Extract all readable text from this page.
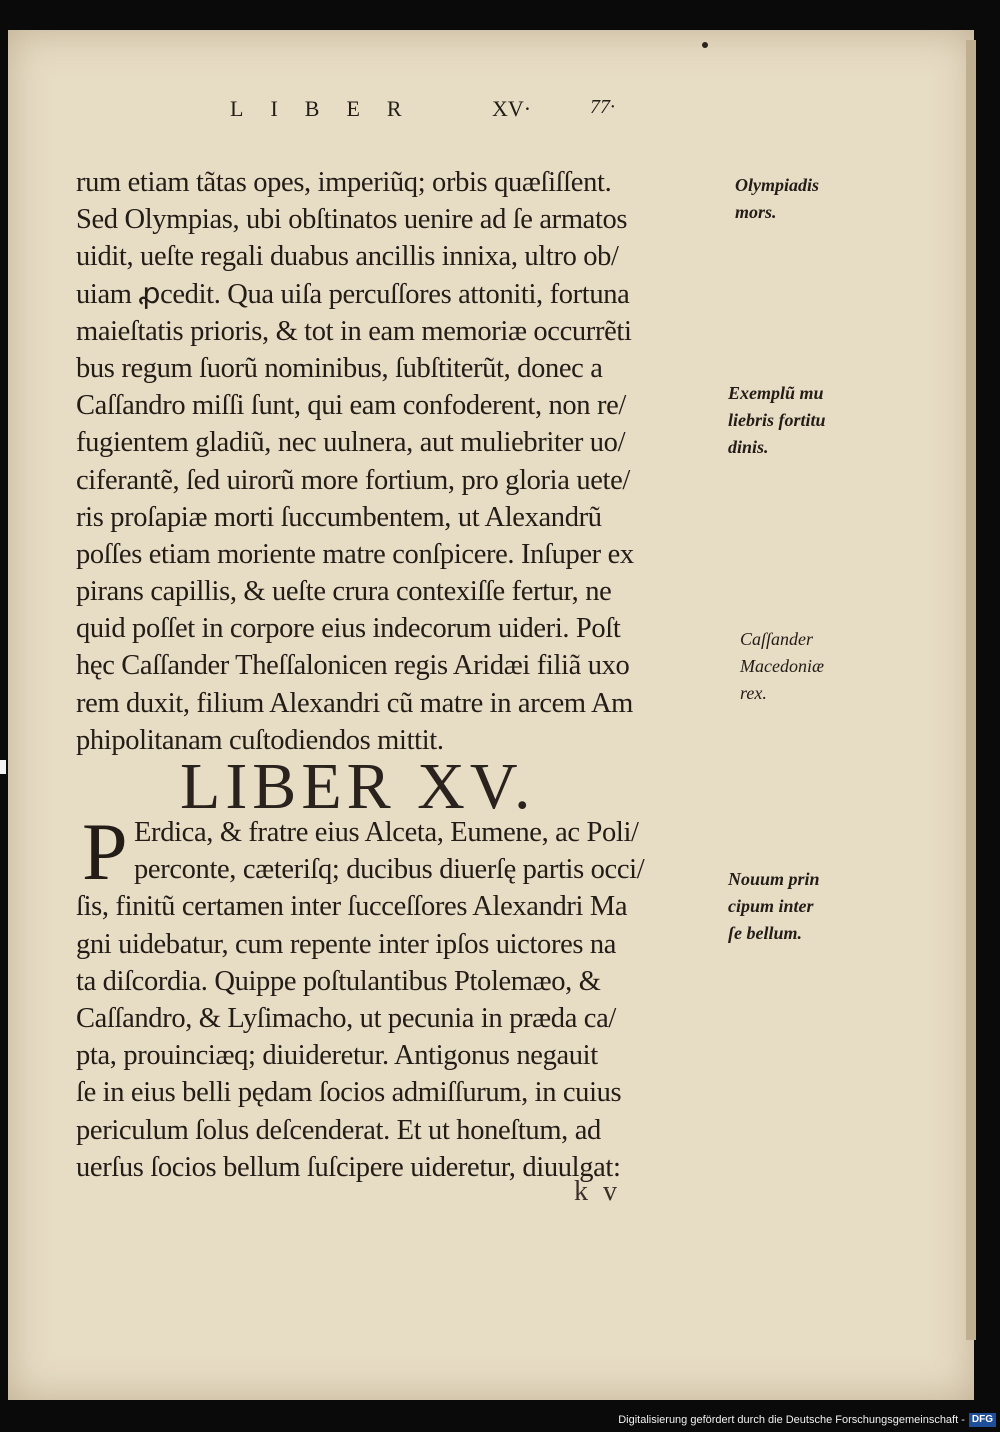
LIBER	XV·	77·
rum etiam tãtas opes, imperiũq; orbis quæſiſſent.
Sed Olympias, ubi obſtinatos uenire ad ſe armatos
uidit, ueſte regali duabus ancillis innixa, ultro ob/
uiam ꝓcedit. Qua uiſa percuſſores attoniti, fortuna
maieſtatis prioris, & tot in eam memoriæ occurrẽti
bus regum ſuorũ nominibus, ſubſtiterũt, donec a
Caſſandro miſſi ſunt, qui eam confoderent, non re/
fugientem gladiũ, nec uulnera, aut muliebriter uo/
ciferantẽ, ſed uirorũ more fortium, pro gloria uete/
ris proſapiæ morti ſuccumbentem, ut Alexandrũ
poſſes etiam moriente matre conſpicere. Inſuper ex
pirans capillis, & ueſte crura contexiſſe fertur, ne
quid poſſet in corpore eius indecorum uideri. Poſt
hęc Caſſander Theſſalonicen regis Aridæi filiã uxo
rem duxit, filium Alexandri cũ matre in arcem Am
phipolitanam cuſtodiendos mittit.
LIBER XV.
P Erdica, & fratre eius Alceta, Eumene, ac Poli/
perconte, cæteriſq; ducibus diuerſę partis occi/
ſis, finitũ certamen inter ſucceſſores Alexandri Ma
gni uidebatur, cum repente inter ipſos uictores na
ta diſcordia. Quippe poſtulantibus Ptolemæo, &
Caſſandro, & Lyſimacho, ut pecunia in præda ca/
pta, prouinciæq; diuideretur. Antigonus negauit
ſe in eius belli pędam ſocios admiſſurum, in cuius
periculum ſolus deſcenderat. Et ut honeſtum, ad
uerſus ſocios bellum ſuſcipere uideretur, diuulgat:
Olympiadis
mors.
Exemplũ mu
liebris fortitu
dinis.
Caſſander
Macedoniæ
rex.
Nouum prin
cipum inter
ſe bellum.
k v
Digitalisierung gefördert durch die Deutsche Forschungsgemeinschaft - DFG
